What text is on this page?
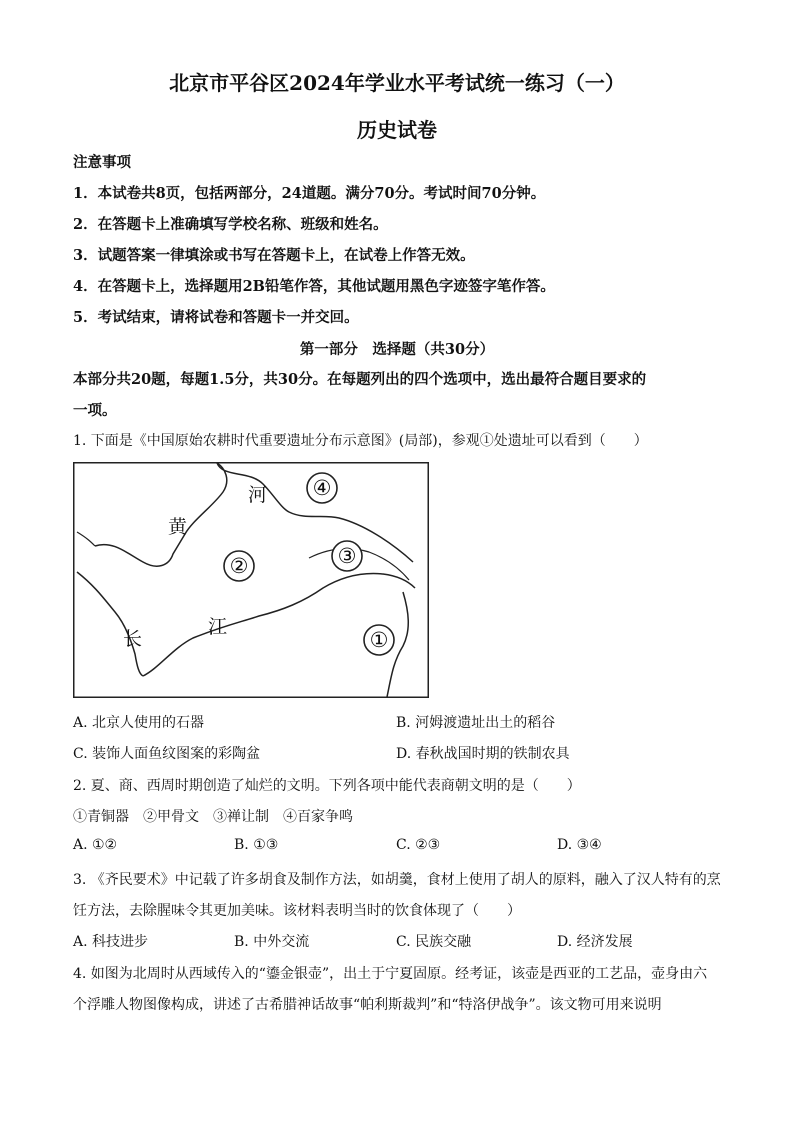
北京市平谷区2024年学业水平考试统一练习（一）
历史试卷
注意事项
1．本试卷共8页，包括两部分，24道题。满分70分。考试时间70分钟。
2．在答题卡上准确填写学校名称、班级和姓名。
3．试题答案一律填涂或书写在答题卡上，在试卷上作答无效。
4．在答题卡上，选择题用2B铅笔作答，其他试题用黑色字迹签字笔作答。
5．考试结束，请将试卷和答题卡一并交回。
第一部分　选择题（共30分）
本部分共20题，每题1.5分，共30分。在每题列出的四个选项中，选出最符合题目要求的
一项。
1. 下面是《中国原始农耕时代重要遗址分布示意图》(局部)，参观①处遗址可以看到（　　）
河
黄
长
江
④
②	③
①
A. 北京人使用的石器	B. 河姆渡遗址出土的稻谷
C. 装饰人面鱼纹图案的彩陶盆	D. 春秋战国时期的铁制农具
2. 夏、商、西周时期创造了灿烂的文明。下列各项中能代表商朝文明的是（　　）
①青铜器　②甲骨文　③禅让制　④百家争鸣
A. ①②	B. ①③	C. ②③	D. ③④
3. 《齐民要术》中记载了许多胡食及制作方法，如胡羹，食材上使用了胡人的原料，融入了汉人特有的烹
饪方法，去除腥味令其更加美味。该材料表明当时的饮食体现了（　　）
A. 科技进步	B. 中外交流	C. 民族交融	D. 经济发展
4. 如图为北周时从西域传入的“鎏金银壶”，出土于宁夏固原。经考证，该壶是西亚的工艺品，壶身由六
个浮雕人物图像构成，讲述了古希腊神话故事“帕利斯裁判”和“特洛伊战争”。该文物可用来说明
